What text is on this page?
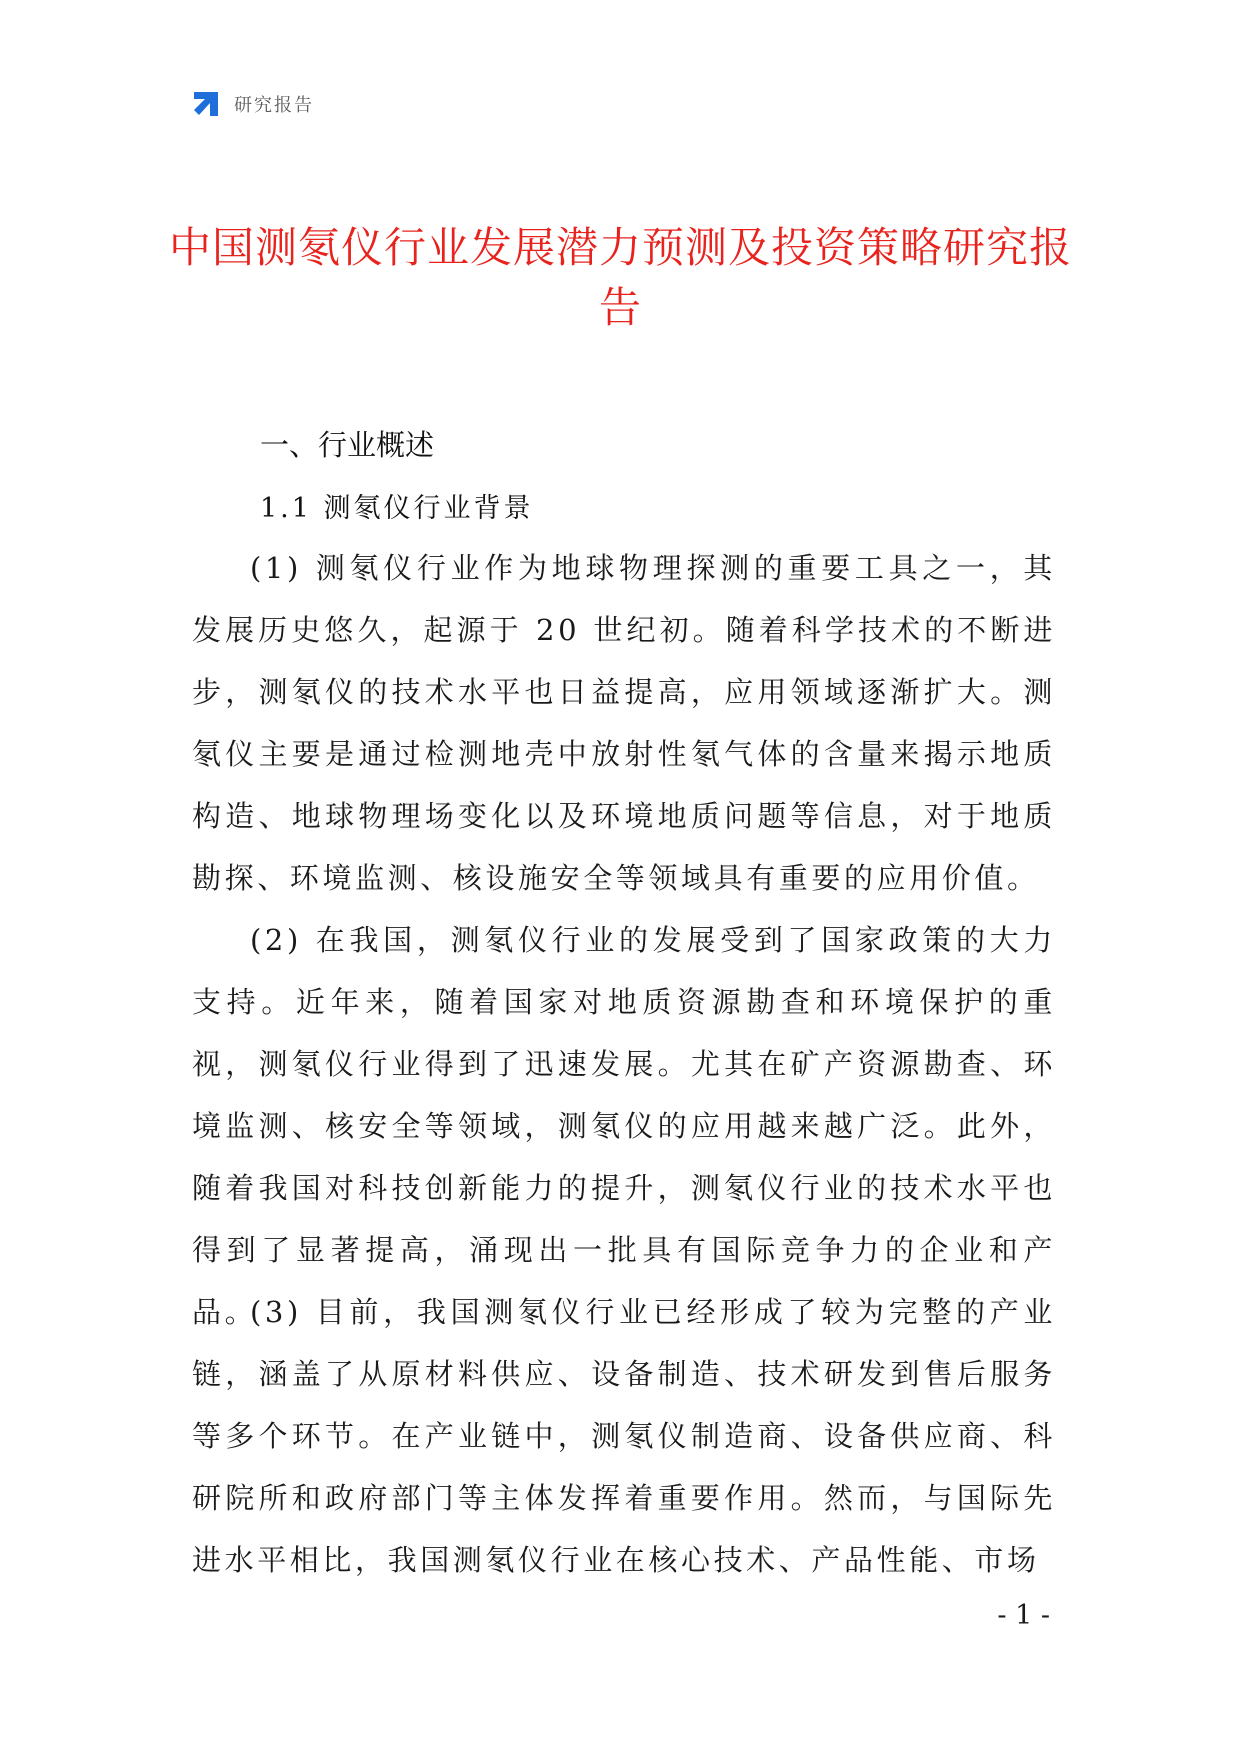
研究报告
中国测氡仪行业发展潜力预测及投资策略研究报告
一、行业概述
1.1 测氡仪行业背景

(1) 测氡仪行业作为地球物理探测的重要工具之一，其发展历史悠久，起源于 20 世纪初。随着科学技术的不断进步，测氡仪的技术水平也日益提高，应用领域逐渐扩大。测氡仪主要是通过检测地壳中放射性氡气体的含量来揭示地质构造、地球物理场变化以及环境地质问题等信息，对于地质勘探、环境监测、核设施安全等领域具有重要的应用价值。

(2) 在我国，测氡仪行业的发展受到了国家政策的大力支持。近年来，随着国家对地质资源勘查和环境保护的重视，测氡仪行业得到了迅速发展。尤其在矿产资源勘查、环境监测、核安全等领域，测氡仪的应用越来越广泛。此外，随着我国对科技创新能力的提升，测氡仪行业的技术水平也得到了显著提高，涌现出一批具有国际竞争力的企业和产品。

(3) 目前，我国测氡仪行业已经形成了较为完整的产业链，涵盖了从原材料供应、设备制造、技术研发到售后服务等多个环节。在产业链中，测氡仪制造商、设备供应商、科研院所和政府部门等主体发挥着重要作用。然而，与国际先进水平相比，我国测氡仪行业在核心技术、产品性能、市场

- 1 -
